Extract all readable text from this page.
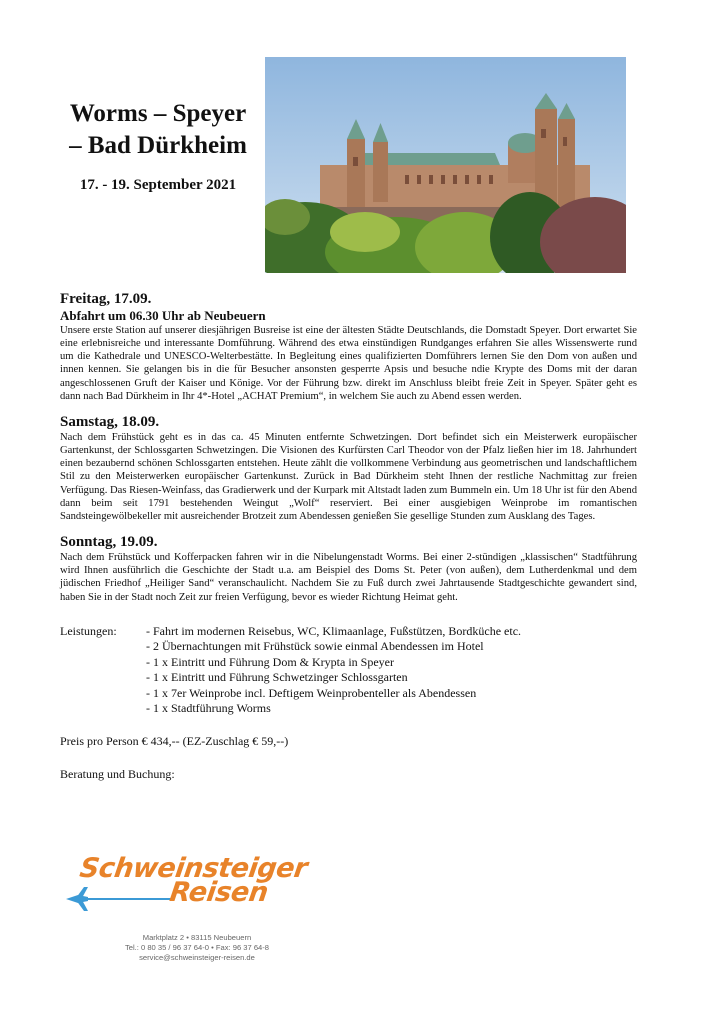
Worms – Speyer
– Bad Dürkheim
17. - 19. September 2021

Freitag, 17.09.

Abfahrt um 06.30 Uhr ab Neubeuern

Unsere erste Station auf unserer diesjährigen Busreise ist eine der ältesten Städte Deutschlands, die Domstadt Speyer. Dort erwartet Sie eine erlebnisreiche und interessante Domführung. Während des etwa einstündigen Rundganges erfahren Sie alles Wissenswerte rund um die Kathedrale und UNESCO-Welterbestätte. In Begleitung eines qualifizierten Domführers lernen Sie den Dom von außen und innen kennen. Sie gelangen bis in die für Besucher ansonsten gesperrte Apsis und besuche ndie Krypte des Doms mit der daran angeschlossenen Gruft der Kaiser und Könige. Vor der Führung bzw. direkt im Anschluss bleibt freie Zeit in Speyer. Später geht es dann nach Bad Dürkheim in Ihr 4*-Hotel „ACHAT Premium“, in welchem Sie auch zu Abend essen werden.

Samstag, 18.09.

Nach dem Frühstück geht es in das ca. 45 Minuten entfernte Schwetzingen. Dort befindet sich ein Meisterwerk europäischer Gartenkunst, der Schlossgarten Schwetzingen. Die Visionen des Kurfürsten Carl Theodor von der Pfalz ließen hier im 18. Jahrhundert einen bezaubernd schönen Schlossgarten entstehen. Heute zählt die vollkommene Verbindung aus geometrischen und landschaftlichem Stil zu den Meisterwerken europäischer Gartenkunst. Zurück in Bad Dürkheim steht Ihnen der restliche Nachmittag zur freien Verfügung. Das Riesen-Weinfass, das Gradierwerk und der Kurpark mit Altstadt laden zum Bummeln ein. Um 18 Uhr ist für den Abend dann beim seit 1791 bestehenden Weingut „Wolf“ reserviert. Bei einer ausgiebigen Weinprobe im romantischen Sandsteingewölbekeller mit ausreichender Brotzeit zum Abendessen genießen Sie gesellige Stunden zum Ausklang des Tages.

Sonntag, 19.09.

Nach dem Frühstück und Kofferpacken fahren wir in die Nibelungenstadt Worms. Bei einer 2-stündigen „klassischen“ Stadtführung wird Ihnen ausführlich die Geschichte der Stadt u.a. am Beispiel des Doms St. Peter (von außen), dem Lutherdenkmal und dem jüdischen Friedhof „Heiliger Sand“ veranschaulicht. Nachdem Sie zu Fuß durch zwei Jahrtausende Stadtgeschichte gewandert sind, haben Sie in der Stadt noch Zeit zur freien Verfügung, bevor es wieder Richtung Heimat geht.

Leistungen:	- Fahrt im modernen Reisebus, WC, Klimaanlage, Fußstützen, Bordküche etc.
- 2 Übernachtungen mit Frühstück sowie einmal Abendessen im Hotel
- 1 x Eintritt und Führung Dom & Krypta in Speyer
- 1 x Eintritt und Führung Schwetzinger Schlossgarten
- 1 x 7er Weinprobe incl. Deftigem Weinprobenteller als Abendessen
- 1 x Stadtführung Worms
Preis pro Person € 434,-- (EZ-Zuschlag € 59,--)
Beratung und Buchung:
Schweinsteiger
Reisen
Marktplatz 2 • 83115 Neubeuern
Tel.: 0 80 35 / 96 37 64-0 • Fax: 96 37 64-8
service@schweinsteiger-reisen.de
